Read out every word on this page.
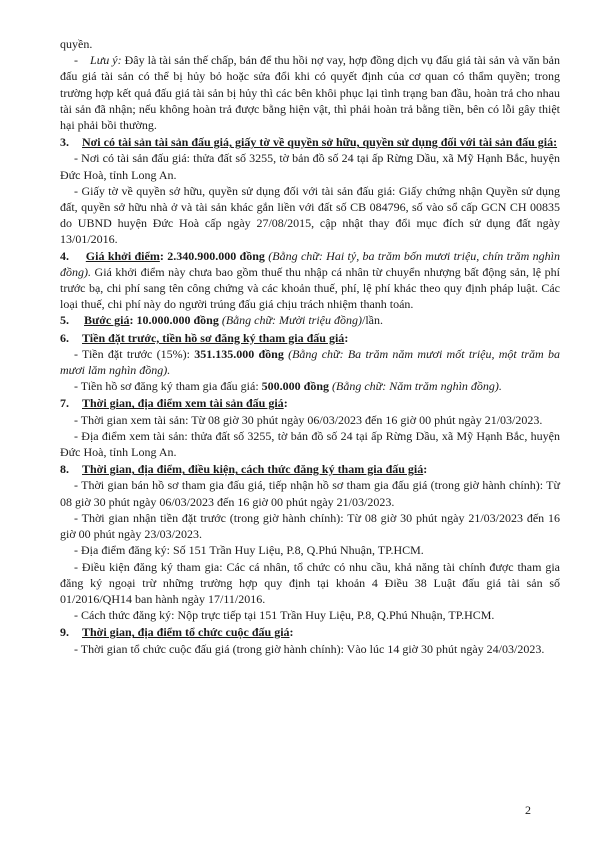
quyền.

- Lưu ý: Đây là tài sản thế chấp, bán để thu hồi nợ vay, hợp đồng dịch vụ đấu giá tài sản và văn bản đấu giá tài sản có thể bị hủy bỏ hoặc sửa đổi khi có quyết định của cơ quan có thẩm quyền; trong trường hợp kết quả đấu giá tài sản bị hủy thì các bên khôi phục lại tình trạng ban đầu, hoàn trả cho nhau tài sản đã nhận; nếu không hoàn trả được bằng hiện vật, thì phải hoàn trả bằng tiền, bên có lỗi gây thiệt hại phải bồi thường.

3. Nơi có tài sản tài sản đấu giá, giấy tờ về quyền sở hữu, quyền sử dụng đối với tài sản đấu giá:

- Nơi có tài sản đấu giá: thửa đất số 3255, tờ bản đồ số 24 tại ấp Rừng Dầu, xã Mỹ Hạnh Bắc, huyện Đức Hoà, tỉnh Long An.

- Giấy tờ về quyền sở hữu, quyền sử dụng đối với tài sản đấu giá: Giấy chứng nhận Quyền sử dụng đất, quyền sở hữu nhà ở và tài sản khác gắn liền với đất số CB 084796, số vào sổ cấp GCN CH 00835 do UBND huyện Đức Hoà cấp ngày 27/08/2015, cập nhật thay đổi mục đích sử dụng đất ngày 13/01/2016.

4. Giá khởi điểm: 2.340.900.000 đồng (Bằng chữ: Hai tỷ, ba trăm bốn mươi triệu, chín trăm nghìn đồng). Giá khởi điểm này chưa bao gồm thuế thu nhập cá nhân từ chuyển nhượng bất động sản, lệ phí trước bạ, chi phí sang tên công chứng và các khoản thuế, phí, lệ phí khác theo quy định pháp luật. Các loại thuế, chi phí này do người trúng đấu giá chịu trách nhiệm thanh toán.

5. Bước giá: 10.000.000 đồng (Bằng chữ: Mười triệu đồng)/lần.

6. Tiền đặt trước, tiền hồ sơ đăng ký tham gia đấu giá:

- Tiền đặt trước (15%): 351.135.000 đồng (Bằng chữ: Ba trăm năm mươi mốt triệu, một trăm ba mươi lăm nghìn đồng).

- Tiền hồ sơ đăng ký tham gia đấu giá: 500.000 đồng (Bằng chữ: Năm trăm nghìn đồng).

7. Thời gian, địa điểm xem tài sản đấu giá:

- Thời gian xem tài sản: Từ 08 giờ 30 phút ngày 06/03/2023 đến 16 giờ 00 phút ngày 21/03/2023.

- Địa điểm xem tài sản: thửa đất số 3255, tờ bản đồ số 24 tại ấp Rừng Dầu, xã Mỹ Hạnh Bắc, huyện Đức Hoà, tỉnh Long An.

8. Thời gian, địa điểm, điều kiện, cách thức đăng ký tham gia đấu giá:

- Thời gian bán hồ sơ tham gia đấu giá, tiếp nhận hồ sơ tham gia đấu giá (trong giờ hành chính): Từ 08 giờ 30 phút ngày 06/03/2023 đến 16 giờ 00 phút ngày 21/03/2023.

- Thời gian nhận tiền đặt trước (trong giờ hành chính): Từ 08 giờ 30 phút ngày 21/03/2023 đến 16 giờ 00 phút ngày 23/03/2023.

- Địa điểm đăng ký: Số 151 Trần Huy Liệu, P.8, Q.Phú Nhuận, TP.HCM.

- Điều kiện đăng ký tham gia: Các cá nhân, tổ chức có nhu cầu, khả năng tài chính được tham gia đăng ký ngoại trừ những trường hợp quy định tại khoản 4 Điều 38 Luật đấu giá tài sản số 01/2016/QH14 ban hành ngày 17/11/2016.

- Cách thức đăng ký: Nộp trực tiếp tại 151 Trần Huy Liệu, P.8, Q.Phú Nhuận, TP.HCM.

9. Thời gian, địa điểm tổ chức cuộc đấu giá:

- Thời gian tổ chức cuộc đấu giá (trong giờ hành chính): Vào lúc 14 giờ 30 phút ngày 24/03/2023.

2
